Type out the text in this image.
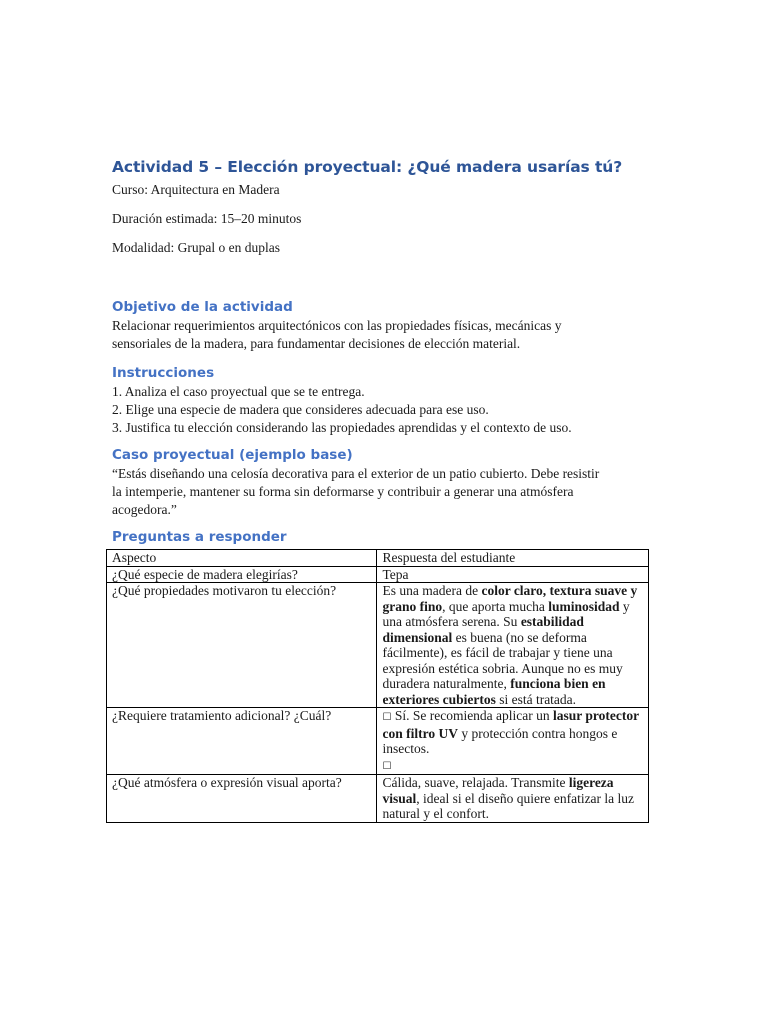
Actividad 5 – Elección proyectual: ¿Qué madera usarías tú?

Curso: Arquitectura en Madera

Duración estimada: 15–20 minutos

Modalidad: Grupal o en duplas

Objetivo de la actividad

Relacionar requerimientos arquitectónicos con las propiedades físicas, mecánicas y

sensoriales de la madera, para fundamentar decisiones de elección material.

Instrucciones

1. Analiza el caso proyectual que se te entrega.

2. Elige una especie de madera que consideres adecuada para ese uso.

3. Justifica tu elección considerando las propiedades aprendidas y el contexto de uso.

Caso proyectual (ejemplo base)

“Estás diseñando una celosía decorativa para el exterior de un patio cubierto. Debe resistir

la intemperie, mantener su forma sin deformarse y contribuir a generar una atmósfera

acogedora.”

Preguntas a responder
Aspecto	Respuesta del estudiante
¿Qué especie de madera elegirías?	Tepa
¿Qué propiedades motivaron tu elección?	Es una madera de color claro, textura suave y grano fino, que aporta mucha luminosidad y una atmósfera serena. Su estabilidad dimensional es buena (no se deforma fácilmente), es fácil de trabajar y tiene una expresión estética sobria. Aunque no es muy duradera naturalmente, funciona bien en exteriores cubiertos si está tratada.
¿Requiere tratamiento adicional? ¿Cuál?	☐ Sí. Se recomienda aplicar un lasur protector con filtro UV y protección contra hongos e insectos.
☐
¿Qué atmósfera o expresión visual aporta?	Cálida, suave, relajada. Transmite ligereza visual, ideal si el diseño quiere enfatizar la luz natural y el confort.
